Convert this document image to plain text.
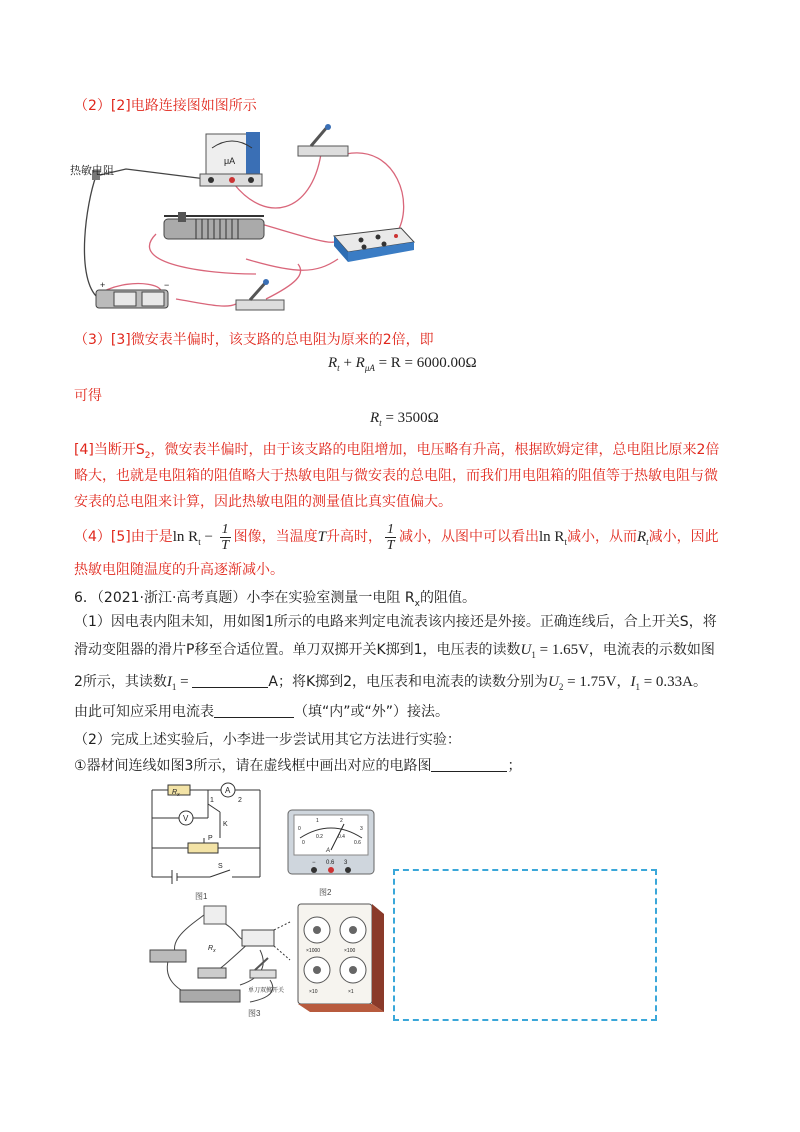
（2）[2]电路连接图如图所示
μA
+	−
热敏电阻
（3）[3]微安表半偏时，该支路的总电阻为原来的2倍，即
$R_t + R_{\mu A} = R = 6000.00\Omega$
可得
$R_t = 3500\Omega$
[4]当断开$S_2$，微安表半偏时，由于该支路的电阻增加，电压略有升高，根据欧姆定律，总电阻比原来2倍
略大，也就是电阻箱的阻值略大于热敏电阻与微安表的总电阻，而我们用电阻箱的阻值等于热敏电阻与微
安表的总电阻来计算，因此热敏电阻的测量值比真实值偏大。
（4）[5]由于是$\ln R_t - \frac{1}{T}$ 图像，当温度T升高时， $\frac{1}{T}$ 减小，从图中可以看出$\ln R_t$减小，从而$R_t$减小，因此
热敏电阻随温度的升高逐渐减小。
6．（2021·浙江·高考真题）小李在实验室测量一电阻 $R_x$的阻值。
（1）因电表内阻未知，用如图1所示的电路来判定电流表该内接还是外接。正确连线后，合上开关S，将
滑动变阻器的滑片P移至合适位置。单刀双掷开关K掷到1，电压表的读数$U_1 = 1.65V$，电流表的示数如图
2所示，其读数$I_1$ =	A；将K掷到2，电压表和电流表的读数分别为$U_2 = 1.75V$，$I_1 = 0.33A$。
由此可知应采用电流表	（填“内”或“外”）接法。
（2）完成上述实验后，小李进一步尝试用其它方法进行实验：
①器材间连线如图3所示，请在虚线框中画出对应的电路图	；
$R_x$	A
V
K
1	2
P
S
图1
0
1	2
3
0
0.2	0.4
0.6
A
− 0.6 3
图2
$R_x$
单刀双掷开关
图3
×1000	×100
×10	×1
